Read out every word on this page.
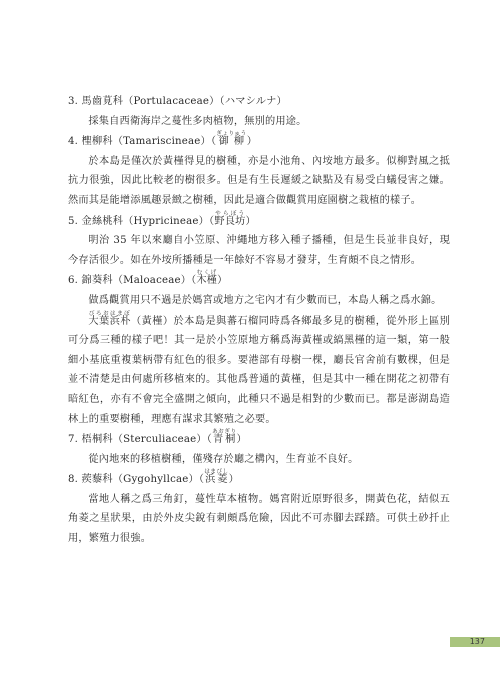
3. 馬齒莧科（Portulacaceae）（ハマシルナ）

採集自西衛海岸之蔓性多肉植物，無別的用途。

4. 檉柳科（Tamariscineae）（ 御柳ぎょりゅう
）

於本島是僅次於黃槿得見的樹種，亦是小池角、內垵地方最多。似柳對風之抵抗力很強，因此比較老的樹很多。但是有生長遲緩之缺點及有易受白蟻侵害之嫌。然而其是能增添風趣景緻之樹種，因此是適合做觀賞用庭園樹之栽植的樣子。

5. 金絲桃科（Hypricineae）（ 野良坊やらぼう
）

明治 35 年以來廳自小笠原、沖繩地方移入種子播種，但是生長並非良好，現今存活很少。如在外垵所播種是一年餘好不容易才發芽，生育頗不良之情形。

6. 錦葵科（Maloaceae）（ 木槿むくげ
）

做爲觀賞用只不過是於媽宮或地方之宅內才有少數而已，本島人稱之爲水錦。

大葉浜朴びろおはまぼ（黃槿）於本島是與蕃石榴同時爲各鄉最多見的樹種，從外形上區別可分爲三種的樣子吧！其一是於小笠原地方稱爲海黃槿或縞黑槿的這一類，第一般細小基底重複葉柄帶有紅色的很多。要港部有母樹一棵，廳長官舍前有數棵，但是並不清楚是由何處所移植來的。其他爲普通的黃槿，但是其中一種在開花之初帶有暗紅色，亦有不會完全盛開之傾向，此種只不過是相對的少數而已。都是澎湖島造林上的重要樹種，理應有謀求其繁殖之必要。

7. 梧桐科（Sterculiaceae）（ 青桐あおぎり
）

從內地來的移植樹種，僅殘存於廳之構內，生育並不良好。

8. 蒺藜科（Gygohyllcae）（ 浜菱はまびし
）

當地人稱之爲三角釘，蔓性草本植物。媽宮附近原野很多，開黃色花，結似五角菱之星狀果，由於外皮尖銳有刺頗爲危險，因此不可赤腳去踩踏。可供土砂扦止用，繁殖力很強。

137
